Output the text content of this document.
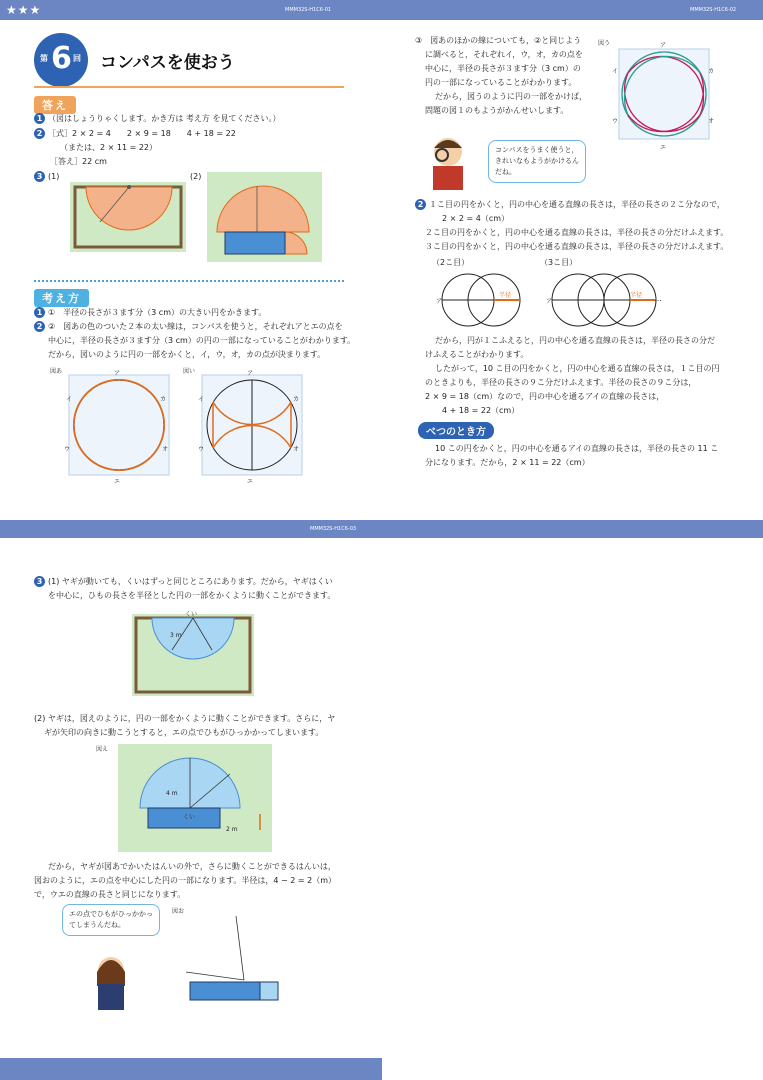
★★★	MMM32S-H1C6-01	MMM32S-H1C6-02
第 6 回 コンパスを使おう
答え
1 （図はしょうりゃくします。かき方は 考え方 を見てください。）
2 ［式］2 × 2 = 4　　2 × 9 = 18　　4 + 18 = 22
（または、2 × 11 = 22）
［答え］22 cm
3 (1)	(2)
考え方
1 ①　半径の長さが３ます分（3 cm）の大きい円をかきます。
2 ②　図あの色のついた２本の太い線は，コンパスを使うと，それぞれアとエの点を
中心に，半径の長さが３ます分（3 cm）の円の一部になっていることがわかります。
だから，図いのように円の一部をかくと，イ，ウ，オ，カの点が決まります。
図あ	図い
ア
イ
ウ
エ
オ
カ
ア
イ
ウ
エ
オ
カ
③　図あのほかの線についても，②と同じよう
に調べると，それぞれイ，ウ，オ，カの点を
中心に，半径の長さが３ます分（3 cm）の
円の一部になっていることがわかります。
だから，図うのように円の一部をかけば，
問題の図１のもようがかんせいします。
図う	ア
イ
ウ
エ
オ
カ
コンパスをうまく使うと，きれいなもようがかけるんだね。
2 １こ目の円をかくと，円の中心を通る直線の長さは，半径の長さの２こ分なので，
2 × 2 = 4（cm）
２こ目の円をかくと，円の中心を通る直線の長さは，半径の長さの分だけふえます。
３こ目の円をかくと，円の中心を通る直線の長さは，半径の長さの分だけふえます。
（2こ目）	（3こ目）
ア	ア
半径	半径 …
だから，円が１こふえると，円の中心を通る直線の長さは，半径の長さの分だ
けふえることがわかります。
したがって，10 こ目の円をかくと，円の中心を通る直線の長さは，１こ目の円
のときよりも，半径の長さの９こ分だけふえます。半径の長さの９こ分は，
2 × 9 = 18（cm）なので，円の中心を通るアイの直線の長さは，
4 + 18 = 22（cm）
べつのとき方
10 この円をかくと，円の中心を通るアイの直線の長さは，半径の長さの 11 こ
分になります。だから，2 × 11 = 22（cm）
MMM32S-H1C6-03
3 (1) ヤギが動いても，くいはずっと同じところにあります。だから，ヤギはくい
を中心に，ひもの長さを半径とした円の一部をかくように動くことができます。
くい
3 m
(2) ヤギは，図えのように，円の一部をかくように動くことができます。さらに，ヤ
ギが矢印の向きに動こうとすると，エの点でひもがひっかかってしまいます。
図え
くい
4 m
2 m
だから，ヤギが図あでかいたはんいの外で，さらに動くことができるはんいは，
図おのように，エの点を中心にした円の一部になります。半径は，4 − 2 = 2（m）
で，ウエの直線の長さと同じになります。
エの点でひもがひっかかってしまうんだね。
図お
